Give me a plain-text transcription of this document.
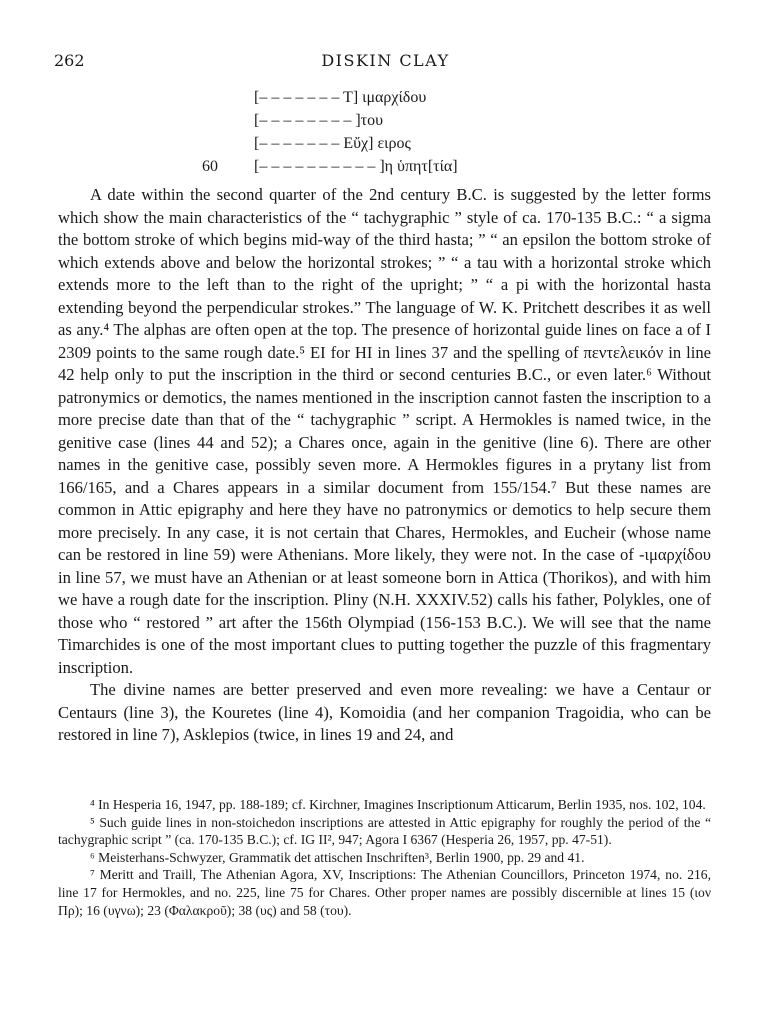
262	DISKIN CLAY
[– – – – – – – Τ] ιμαρχίδου
[– – – – – – – – ]του
[– – – – – – – Εὔχ] ειρος
60 [– – – – – – – – – – ]η ὑπητ[τία]

A date within the second quarter of the 2nd century B.C. is suggested by the letter forms which show the main characteristics of the “ tachygraphic ” style of ca. 170-135 B.C.: “ a sigma the bottom stroke of which begins mid-way of the third hasta; ” “ an epsilon the bottom stroke of which extends above and below the horizontal strokes; ” “ a tau with a horizontal stroke which extends more to the left than to the right of the upright; ” “ a pi with the horizontal hasta extending beyond the perpendicular strokes.” The language of W. K. Pritchett describes it as well as any.⁴ The alphas are often open at the top. The presence of horizontal guide lines on face a of I 2309 points to the same rough date.⁵ EI for HI in lines 37 and the spelling of πεντελεικόν in line 42 help only to put the inscription in the third or second centuries B.C., or even later.⁶ Without patronymics or demotics, the names mentioned in the inscription cannot fasten the inscription to a more precise date than that of the “ tachygraphic ” script. A Hermokles is named twice, in the genitive case (lines 44 and 52); a Chares once, again in the genitive (line 6). There are other names in the genitive case, possibly seven more. A Hermokles figures in a prytany list from 166/165, and a Chares appears in a similar document from 155/154.⁷ But these names are common in Attic epigraphy and here they have no patronymics or demotics to help secure them more precisely. In any case, it is not certain that Chares, Hermokles, and Eucheir (whose name can be restored in line 59) were Athenians. More likely, they were not. In the case of -ιμαρχίδου in line 57, we must have an Athenian or at least someone born in Attica (Thorikos), and with him we have a rough date for the inscription. Pliny (N.H. XXXIV.52) calls his father, Polykles, one of those who “ restored ” art after the 156th Olympiad (156-153 B.C.). We will see that the name Timarchides is one of the most important clues to putting together the puzzle of this fragmentary inscription.

The divine names are better preserved and even more revealing: we have a Centaur or Centaurs (line 3), the Kouretes (line 4), Komoidia (and her companion Tragoidia, who can be restored in line 7), Asklepios (twice, in lines 19 and 24, and

⁴ In Hesperia 16, 1947, pp. 188-189; cf. Kirchner, Imagines Inscriptionum Atticarum, Berlin 1935, nos. 102, 104.

⁵ Such guide lines in non-stoichedon inscriptions are attested in Attic epigraphy for roughly the period of the “ tachygraphic script ” (ca. 170-135 B.C.); cf. IG II², 947; Agora I 6367 (Hesperia 26, 1957, pp. 47-51).

⁶ Meisterhans-Schwyzer, Grammatik det attischen Inschriften³, Berlin 1900, pp. 29 and 41.

⁷ Meritt and Traill, The Athenian Agora, XV, Inscriptions: The Athenian Councillors, Princeton 1974, no. 216, line 17 for Hermokles, and no. 225, line 75 for Chares. Other proper names are possibly discernible at lines 15 (ιον Πρ); 16 (υγνω); 23 (Φαλακροῦ); 38 (υς) and 58 (του).
